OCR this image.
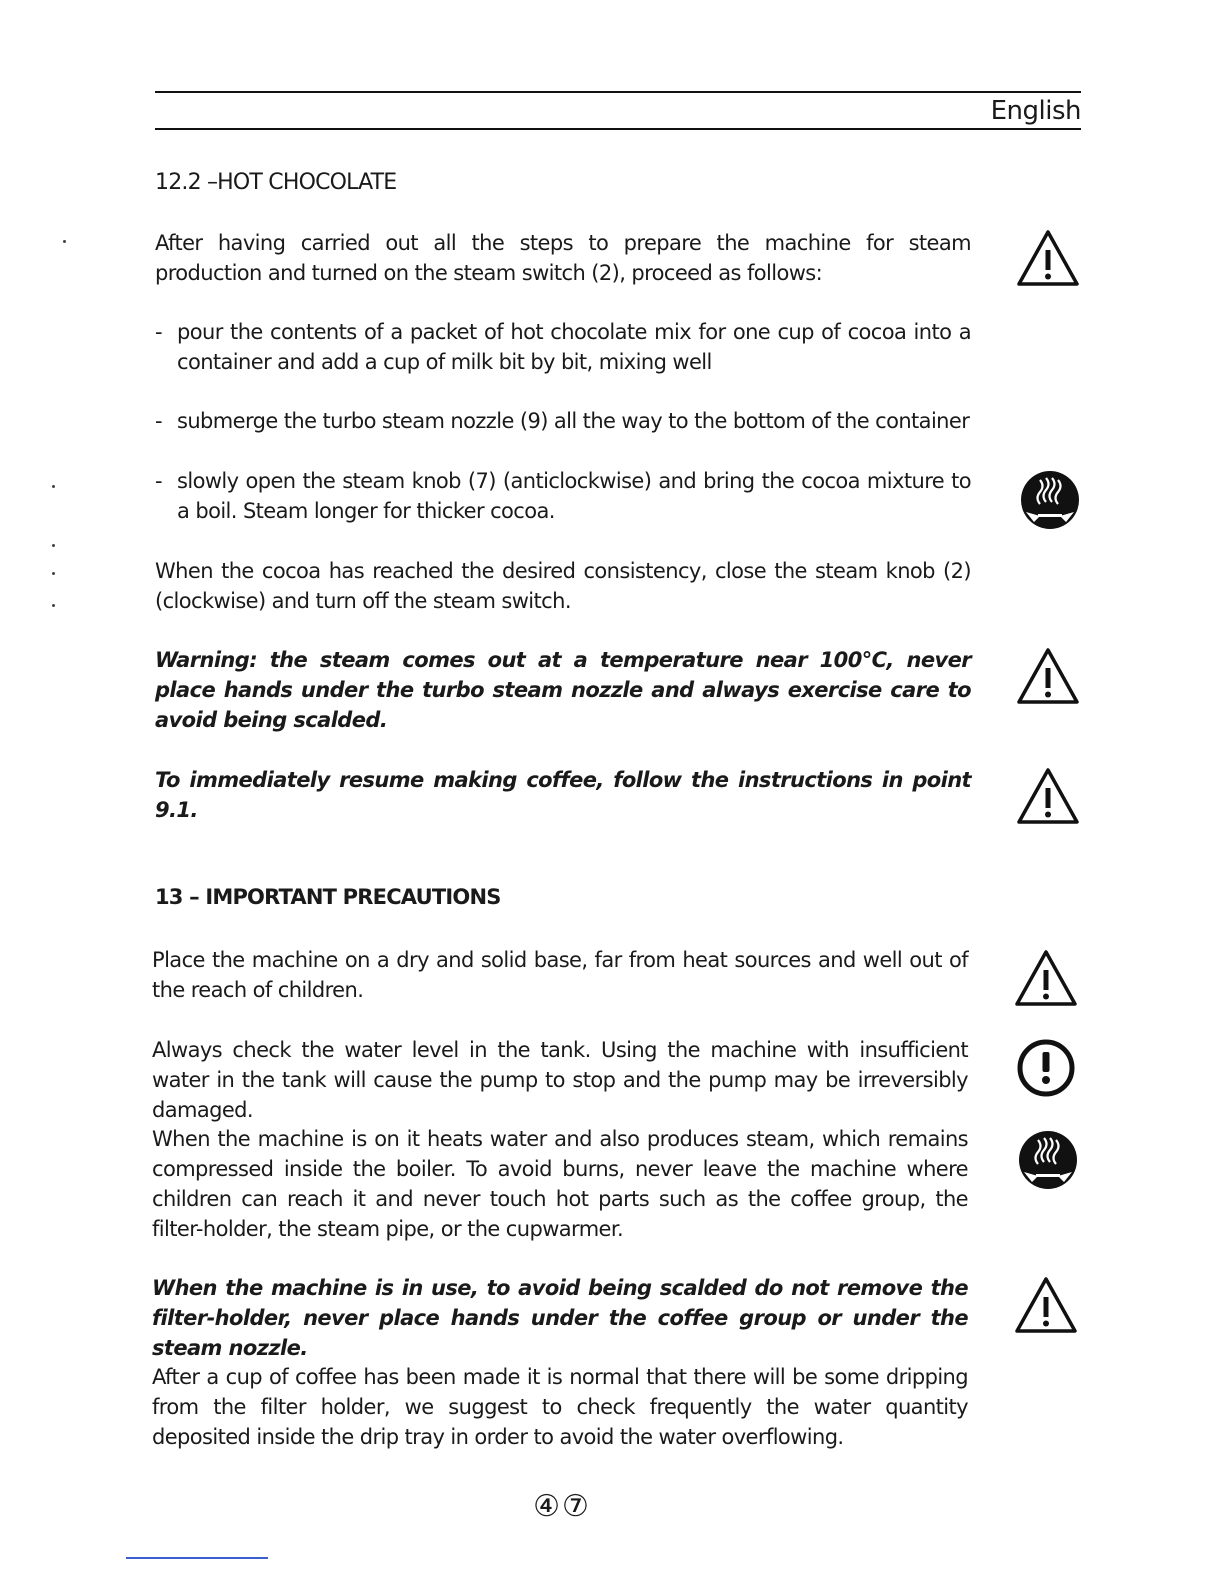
English
12.2 –HOT CHOCOLATE

After having carried out all the steps to prepare the machine for steam production and turned on the steam switch (2), proceed as follows:

- pour the contents of a packet of hot chocolate mix for one cup of cocoa into a container and add a cup of milk bit by bit, mixing well
- submerge the turbo steam nozzle (9) all the way to the bottom of the container
- slowly open the steam knob (7) (anticlockwise) and bring the cocoa mixture to a boil. Steam longer for thicker cocoa.

When the cocoa has reached the desired consistency, close the steam knob (2) (clockwise) and turn off the steam switch.

Warning: the steam comes out at a temperature near 100°C, never place hands under the turbo steam nozzle and always exercise care to avoid being scalded.

To immediately resume making coffee, follow the instructions in point 9.1.

13 – IMPORTANT PRECAUTIONS

Place the machine on a dry and solid base, far from heat sources and well out of the reach of children.

Always check the water level in the tank. Using the machine with insufficient water in the tank will cause the pump to stop and the pump may be irreversibly damaged.

When the machine is on it heats water and also produces steam, which remains compressed inside the boiler. To avoid burns, never leave the machine where children can reach it and never touch hot parts such as the coffee group, the filter-holder, the steam pipe, or the cupwarmer.

When the machine is in use, to avoid being scalded do not remove the filter-holder, never place hands under the coffee group or under the steam nozzle.

After a cup of coffee has been made it is normal that there will be some dripping from the filter holder, we suggest to check frequently the water quantity deposited inside the drip tray in order to avoid the water overflowing.

④⑦
